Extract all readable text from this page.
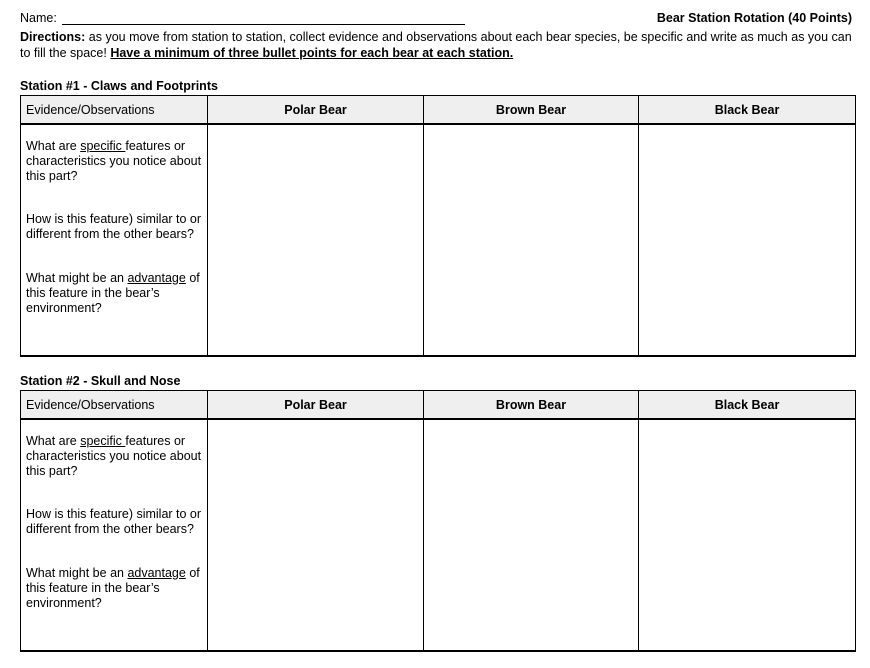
Name:	Bear Station Rotation (40 Points)
Directions: as you move from station to station, collect evidence and observations about each bear species, be specific and write as much as you can to fill the space! Have a minimum of three bullet points for each bear at each station.
Station #1 - Claws and Footprints
Evidence/Observations	Polar Bear	Brown Bear	Black Bear

What are specific features or characteristics you notice about this part?
How is this feature) similar to or different from the other bears?
What might be an advantage of this feature in the bear’s environment?			

Station #2 - Skull and Nose
Evidence/Observations	Polar Bear	Brown Bear	Black Bear

What are specific features or characteristics you notice about this part?
How is this feature) similar to or different from the other bears?
What might be an advantage of this feature in the bear’s environment?			
